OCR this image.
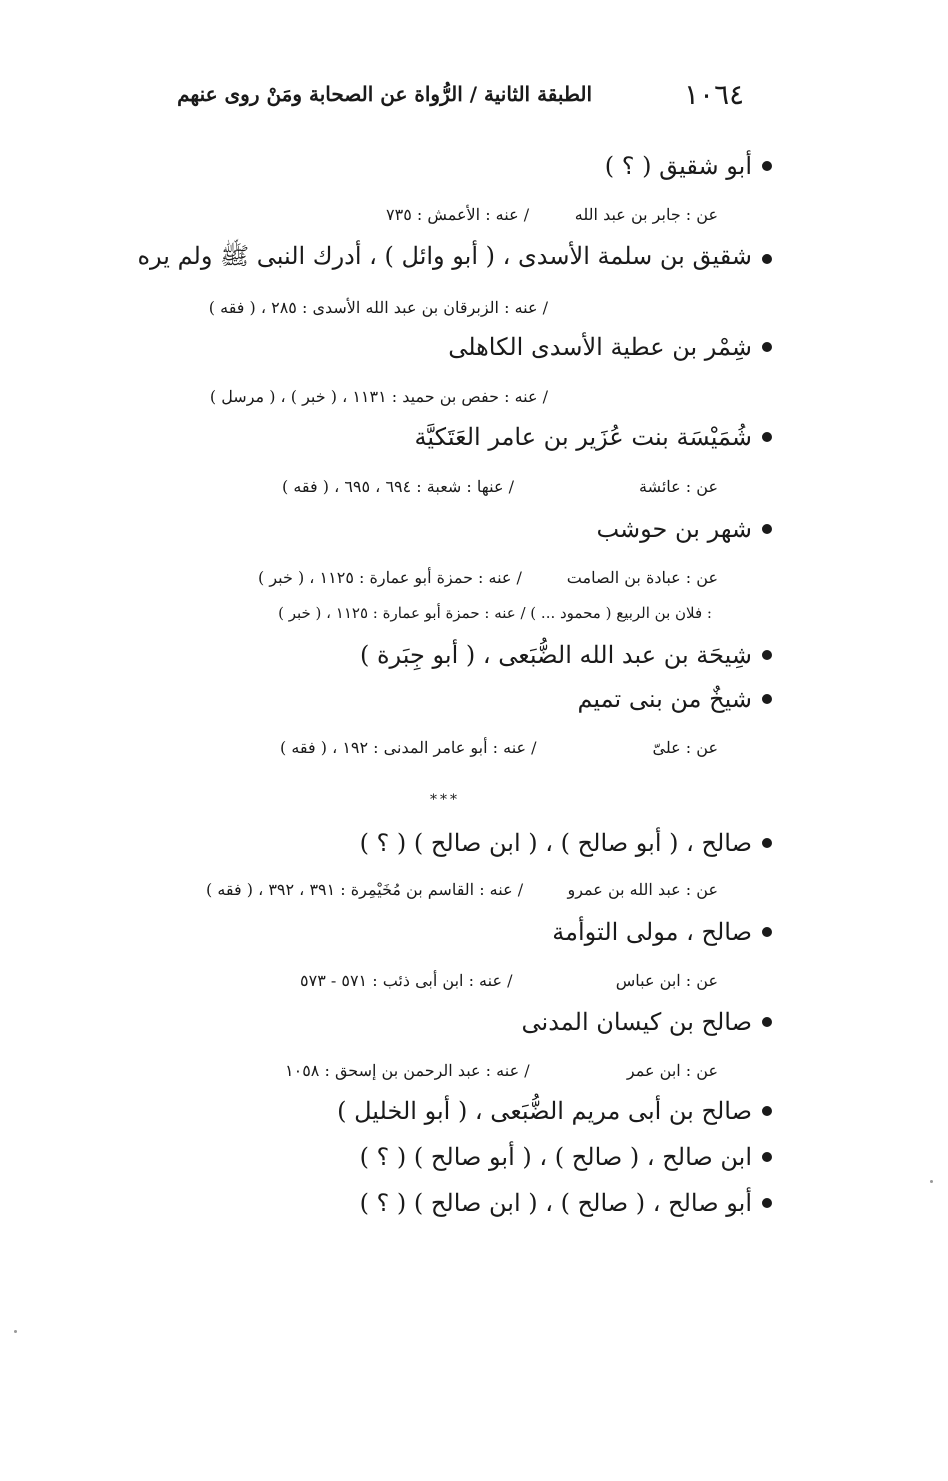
١٠٦٤
الطبقة الثانية / الرُّواة عن الصحابة ومَنْ روى عنهم
أبو شقيق ( ؟ )
عن : جابر بن عبد الله
/ عنه : الأعمش : ٧٣٥
شقيق بن سلمة الأسدى ، ( أبو وائل ) ، أدرك النبى ﷺ ولم يره
/ عنه : الزبرقان بن عبد الله الأسدى : ٢٨٥ ، ( فقه )
شِمْر بن عطية الأسدى الكاهلى
/ عنه : حفص بن حميد : ١١٣١ ، ( خبر ) ، ( مرسل )
شُمَيْسَة بنت عُزَير بن عامر العَتَكيَّة
عن : عائشة
/ عنها : شعبة : ٦٩٤ ، ٦٩٥ ، ( فقه )
شهر بن حوشب
عن : عبادة بن الصامت
/ عنه : حمزة أبو عمارة : ١١٢٥ ، ( خبر )
: فلان بن الربيع ( محمود ... ) / عنه : حمزة أبو عمارة : ١١٢٥ ، ( خبر )
شِيحَة بن عبد الله الضُّبَعى ، ( أبو جِبَرة )
شيخٌ من بنى تميم
عن : علىّ
/ عنه : أبو عامر المدنى : ١٩٢ ، ( فقه )
***
صالح ، ( أبو صالح ) ، ( ابن صالح ) ( ؟ )
عن : عبد الله بن عمرو
/ عنه : القاسم بن مُخَيْمِرة : ٣٩١ ، ٣٩٢ ، ( فقه )
صالح ، مولى التوأمة
عن : ابن عباس
/ عنه : ابن أبى ذئب : ٥٧١ - ٥٧٣
صالح بن كيسان المدنى
عن : ابن عمر
/ عنه : عبد الرحمن بن إسحق : ١٠٥٨
صالح بن أبى مريم الضُّبَعى ، ( أبو الخليل )
ابن صالح ، ( صالح ) ، ( أبو صالح ) ( ؟ )
أبو صالح ، ( صالح ) ، ( ابن صالح ) ( ؟ )
